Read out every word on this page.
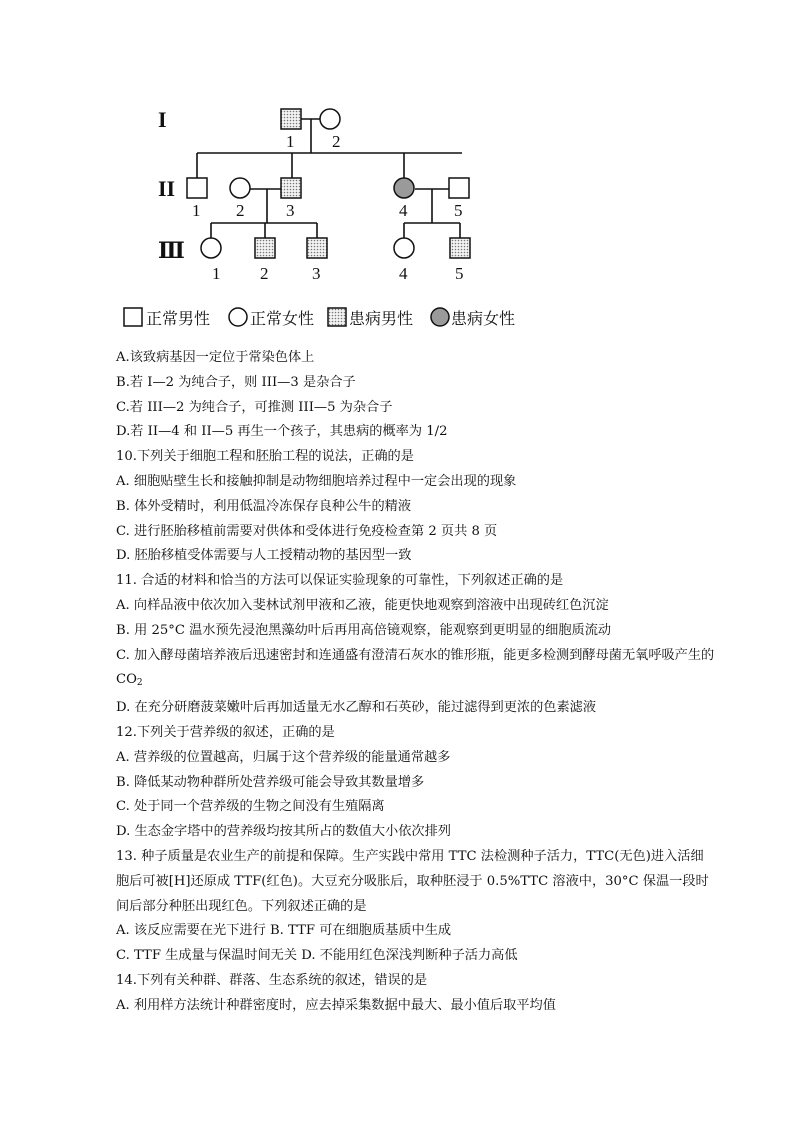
I
II
Ⅲ
1 2
1 2 3	4	5
1 2	3	4	5
正常男性 正常女性 患病男性 患病女性

A.该致病基因一定位于常染色体上

B.若 I—2 为纯合子，则 III—3 是杂合子

C.若 III—2 为纯合子，可推测 III—5 为杂合子

D.若 II—4 和 II—5 再生一个孩子，其患病的概率为 1/2

10.下列关于细胞工程和胚胎工程的说法，正确的是

A. 细胞贴壁生长和接触抑制是动物细胞培养过程中一定会出现的现象

B. 体外受精时，利用低温冷冻保存良种公牛的精液

C. 进行胚胎移植前需要对供体和受体进行免疫检查第 2 页共 8 页

D. 胚胎移植受体需要与人工授精动物的基因型一致

11. 合适的材料和恰当的方法可以保证实验现象的可靠性，下列叙述正确的是

A. 向样品液中依次加入斐林试剂甲液和乙液，能更快地观察到溶液中出现砖红色沉淀

B. 用 25°C 温水预先浸泡黑藻幼叶后再用高倍镜观察，能观察到更明显的细胞质流动

C. 加入酵母菌培养液后迅速密封和连通盛有澄清石灰水的锥形瓶，能更多检测到酵母菌无氧呼吸产生的 $CO_2$

D. 在充分研磨菠菜嫩叶后再加适量无水乙醇和石英砂，能过滤得到更浓的色素滤液

12.下列关于营养级的叙述，正确的是

A. 营养级的位置越高，归属于这个营养级的能量通常越多

B. 降低某动物种群所处营养级可能会导致其数量增多

C. 处于同一个营养级的生物之间没有生殖隔离

D. 生态金字塔中的营养级均按其所占的数值大小依次排列

13. 种子质量是农业生产的前提和保障。生产实践中常用 TTC 法检测种子活力，TTC(无色)进入活细胞后可被[H]还原成 TTF(红色)。大豆充分吸胀后，取种胚浸于 0.5%TTC 溶液中，30°C 保温一段时间后部分种胚出现红色。下列叙述正确的是

A. 该反应需要在光下进行 B. TTF 可在细胞质基质中生成

C. TTF 生成量与保温时间无关 D. 不能用红色深浅判断种子活力高低

14.下列有关种群、群落、生态系统的叙述，错误的是

A. 利用样方法统计种群密度时，应去掉采集数据中最大、最小值后取平均值
